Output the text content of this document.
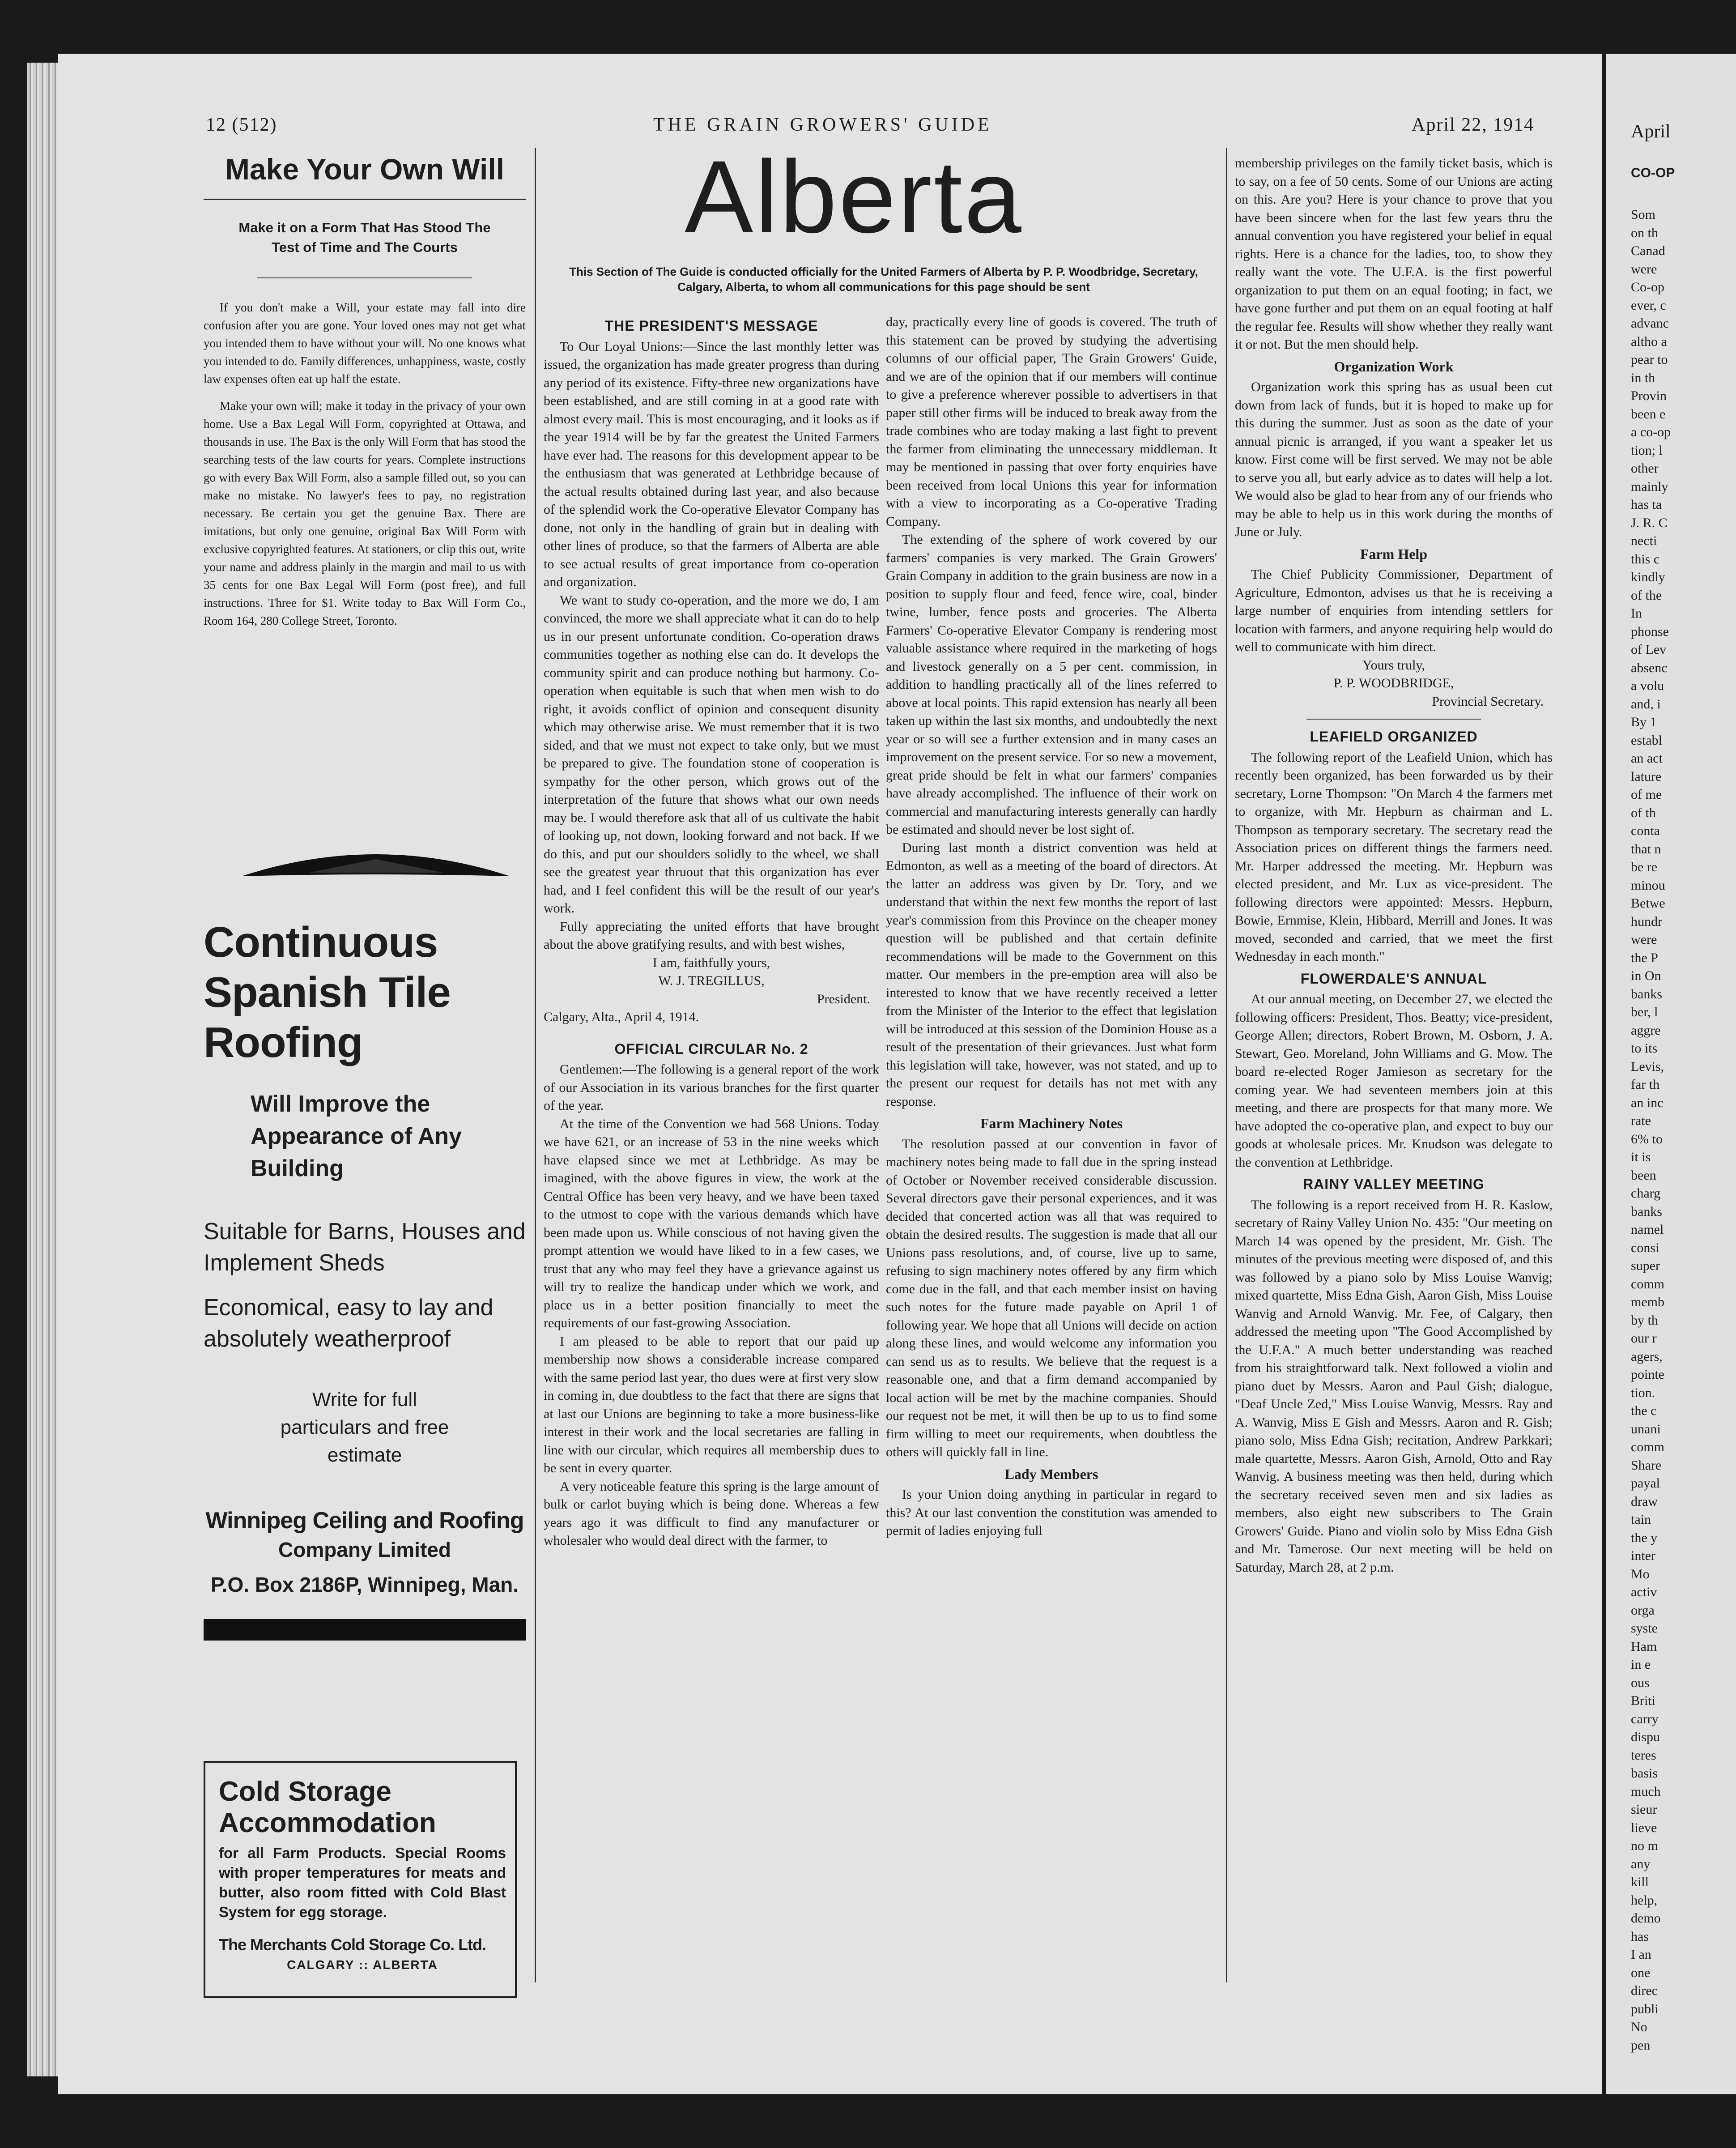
April
CO-OP
Som
on th
Canad
were
Co-op
ever, c
advanc
altho a
pear to
in th
Provin
been e
a co-op
tion; l
other
mainly
has ta
J. R. C
necti
this c
kindly
of the
In
phonse
of Lev
absenc
a volu
and, i
By 1
establ
an act
lature
of me
of th
conta
that n
be re
minou
Betwe
hundr
were
the P
in On
banks
ber, l
aggre
to its
Levis,
far th
an inc
rate
6% to
it is
been
charg
banks
namel
consi
super
comm
memb
by th
our r
agers,
pointe
tion.
the c
unani
comm
Share
payal
draw
tain
the y
inter
Mo
activ
orga
syste
Ham
in e
ous
Briti
carry
dispu
teres
basis
much
sieur
lieve
no m
any
kill
help,
demo
has
I an
one
direc
publi
No
pen
12 (512)	THE GRAIN GROWERS' GUIDE	April 22, 1914
Make Your Own Will
Make it on a Form That Has Stood The Test of Time and The Courts

If you don't make a Will, your estate may fall into dire confusion after you are gone. Your loved ones may not get what you intended them to have without your will. No one knows what you intended to do. Family differences, unhappiness, waste, costly law expenses often eat up half the estate.

Make your own will; make it today in the privacy of your own home. Use a Bax Legal Will Form, copyrighted at Ottawa, and thousands in use. The Bax is the only Will Form that has stood the searching tests of the law courts for years. Complete instructions go with every Bax Will Form, also a sample filled out, so you can make no mistake. No lawyer's fees to pay, no registration necessary. Be certain you get the genuine Bax. There are imitations, but only one genuine, original Bax Will Form with exclusive copyrighted features. At stationers, or clip this out, write your name and address plainly in the margin and mail to us with 35 cents for one Bax Legal Will Form (post free), and full instructions. Three for $1. Write today to Bax Will Form Co., Room 164, 280 College Street, Toronto.

Continuous Spanish Tile Roofing
Will Improve the Appearance of Any Building
Suitable for Barns, Houses and Implement Sheds
Economical, easy to lay and absolutely weatherproof
Write for full particulars and free estimate
Winnipeg Ceiling and Roofing
Company Limited
P.O. Box 2186P, Winnipeg, Man.
Cold Storage Accommodation
for all Farm Products. Special Rooms with proper temperatures for meats and butter, also room fitted with Cold Blast System for egg storage.
The Merchants Cold Storage Co. Ltd.
CALGARY :: ALBERTA
Alberta
This Section of The Guide is conducted officially for the United Farmers of Alberta by P. P. Woodbridge, Secretary, Calgary, Alberta, to whom all communications for this page should be sent
THE PRESIDENT'S MESSAGE

To Our Loyal Unions:—Since the last monthly letter was issued, the organization has made greater progress than during any period of its existence. Fifty-three new organizations have been established, and are still coming in at a good rate with almost every mail. This is most encouraging, and it looks as if the year 1914 will be by far the greatest the United Farmers have ever had. The reasons for this development appear to be the enthusiasm that was generated at Lethbridge because of the actual results obtained during last year, and also because of the splendid work the Co-operative Elevator Company has done, not only in the handling of grain but in dealing with other lines of produce, so that the farmers of Alberta are able to see actual results of great importance from co-operation and organization.

We want to study co-operation, and the more we do, I am convinced, the more we shall appreciate what it can do to help us in our present unfortunate condition. Co-operation draws communities together as nothing else can do. It develops the community spirit and can produce nothing but harmony. Co-operation when equitable is such that when men wish to do right, it avoids conflict of opinion and consequent disunity which may otherwise arise. We must remember that it is two sided, and that we must not expect to take only, but we must be prepared to give. The foundation stone of cooperation is sympathy for the other person, which grows out of the interpretation of the future that shows what our own needs may be. I would therefore ask that all of us cultivate the habit of looking up, not down, looking forward and not back. If we do this, and put our shoulders solidly to the wheel, we shall see the greatest year thruout that this organization has ever had, and I feel confident this will be the result of our year's work.

Fully appreciating the united efforts that have brought about the above gratifying results, and with best wishes,

I am, faithfully yours,
W. J. TREGILLUS,
President.
Calgary, Alta., April 4, 1914.
OFFICIAL CIRCULAR No. 2

Gentlemen:—The following is a general report of the work of our Association in its various branches for the first quarter of the year.

At the time of the Convention we had 568 Unions. Today we have 621, or an increase of 53 in the nine weeks which have elapsed since we met at Lethbridge. As may be imagined, with the above figures in view, the work at the Central Office has been very heavy, and we have been taxed to the utmost to cope with the various demands which have been made upon us. While conscious of not having given the prompt attention we would have liked to in a few cases, we trust that any who may feel they have a grievance against us will try to realize the handicap under which we work, and place us in a better position financially to meet the requirements of our fast-growing Association.

I am pleased to be able to report that our paid up membership now shows a considerable increase compared with the same period last year, tho dues were at first very slow in coming in, due doubtless to the fact that there are signs that at last our Unions are beginning to take a more business-like interest in their work and the local secretaries are falling in line with our circular, which requires all membership dues to be sent in every quarter.

A very noticeable feature this spring is the large amount of bulk or carlot buying which is being done. Whereas a few years ago it was difficult to find any manufacturer or wholesaler who would deal direct with the farmer, to

day, practically every line of goods is covered. The truth of this statement can be proved by studying the advertising columns of our official paper, The Grain Growers' Guide, and we are of the opinion that if our members will continue to give a preference wherever possible to advertisers in that paper still other firms will be induced to break away from the trade combines who are today making a last fight to prevent the farmer from eliminating the unnecessary middleman. It may be mentioned in passing that over forty enquiries have been received from local Unions this year for information with a view to incorporating as a Co-operative Trading Company.

The extending of the sphere of work covered by our farmers' companies is very marked. The Grain Growers' Grain Company in addition to the grain business are now in a position to supply flour and feed, fence wire, coal, binder twine, lumber, fence posts and groceries. The Alberta Farmers' Co-operative Elevator Company is rendering most valuable assistance where required in the marketing of hogs and livestock generally on a 5 per cent. commission, in addition to handling practically all of the lines referred to above at local points. This rapid extension has nearly all been taken up within the last six months, and undoubtedly the next year or so will see a further extension and in many cases an improvement on the present service. For so new a movement, great pride should be felt in what our farmers' companies have already accomplished. The influence of their work on commercial and manufacturing interests generally can hardly be estimated and should never be lost sight of.

During last month a district convention was held at Edmonton, as well as a meeting of the board of directors. At the latter an address was given by Dr. Tory, and we understand that within the next few months the report of last year's commission from this Province on the cheaper money question will be published and that certain definite recommendations will be made to the Government on this matter. Our members in the pre-emption area will also be interested to know that we have recently received a letter from the Minister of the Interior to the effect that legislation will be introduced at this session of the Dominion House as a result of the presentation of their grievances. Just what form this legislation will take, however, was not stated, and up to the present our request for details has not met with any response.

Farm Machinery Notes

The resolution passed at our convention in favor of machinery notes being made to fall due in the spring instead of October or November received considerable discussion. Several directors gave their personal experiences, and it was decided that concerted action was all that was required to obtain the desired results. The suggestion is made that all our Unions pass resolutions, and, of course, live up to same, refusing to sign machinery notes offered by any firm which come due in the fall, and that each member insist on having such notes for the future made payable on April 1 of following year. We hope that all Unions will decide on action along these lines, and would welcome any information you can send us as to results. We believe that the request is a reasonable one, and that a firm demand accompanied by local action will be met by the machine companies. Should our request not be met, it will then be up to us to find some firm willing to meet our requirements, when doubtless the others will quickly fall in line.

Lady Members

Is your Union doing anything in particular in regard to this? At our last convention the constitution was amended to permit of ladies enjoying full

membership privileges on the family ticket basis, which is to say, on a fee of 50 cents. Some of our Unions are acting on this. Are you? Here is your chance to prove that you have been sincere when for the last few years thru the annual convention you have registered your belief in equal rights. Here is a chance for the ladies, too, to show they really want the vote. The U.F.A. is the first powerful organization to put them on an equal footing; in fact, we have gone further and put them on an equal footing at half the regular fee. Results will show whether they really want it or not. But the men should help.

Organization Work

Organization work this spring has as usual been cut down from lack of funds, but it is hoped to make up for this during the summer. Just as soon as the date of your annual picnic is arranged, if you want a speaker let us know. First come will be first served. We may not be able to serve you all, but early advice as to dates will help a lot. We would also be glad to hear from any of our friends who may be able to help us in this work during the months of June or July.

Farm Help

The Chief Publicity Commissioner, Department of Agriculture, Edmonton, advises us that he is receiving a large number of enquiries from intending settlers for location with farmers, and anyone requiring help would do well to communicate with him direct.

Yours truly,
P. P. WOODBRIDGE,
Provincial Secretary.
LEAFIELD ORGANIZED

The following report of the Leafield Union, which has recently been organized, has been forwarded us by their secretary, Lorne Thompson: "On March 4 the farmers met to organize, with Mr. Hepburn as chairman and L. Thompson as temporary secretary. The secretary read the Association prices on different things the farmers need. Mr. Harper addressed the meeting. Mr. Hepburn was elected president, and Mr. Lux as vice-president. The following directors were appointed: Messrs. Hepburn, Bowie, Ernmise, Klein, Hibbard, Merrill and Jones. It was moved, seconded and carried, that we meet the first Wednesday in each month."

FLOWERDALE'S ANNUAL

At our annual meeting, on December 27, we elected the following officers: President, Thos. Beatty; vice-president, George Allen; directors, Robert Brown, M. Osborn, J. A. Stewart, Geo. Moreland, John Williams and G. Mow. The board re-elected Roger Jamieson as secretary for the coming year. We had seventeen members join at this meeting, and there are prospects for that many more. We have adopted the co-operative plan, and expect to buy our goods at wholesale prices. Mr. Knudson was delegate to the convention at Lethbridge.

RAINY VALLEY MEETING

The following is a report received from H. R. Kaslow, secretary of Rainy Valley Union No. 435: "Our meeting on March 14 was opened by the president, Mr. Gish. The minutes of the previous meeting were disposed of, and this was followed by a piano solo by Miss Louise Wanvig; mixed quartette, Miss Edna Gish, Aaron Gish, Miss Louise Wanvig and Arnold Wanvig. Mr. Fee, of Calgary, then addressed the meeting upon "The Good Accomplished by the U.F.A." A much better understanding was reached from his straightforward talk. Next followed a violin and piano duet by Messrs. Aaron and Paul Gish; dialogue, "Deaf Uncle Zed," Miss Louise Wanvig, Messrs. Ray and A. Wanvig, Miss E Gish and Messrs. Aaron and R. Gish; piano solo, Miss Edna Gish; recitation, Andrew Parkkari; male quartette, Messrs. Aaron Gish, Arnold, Otto and Ray Wanvig. A business meeting was then held, during which the secretary received seven men and six ladies as members, also eight new subscribers to The Grain Growers' Guide. Piano and violin solo by Miss Edna Gish and Mr. Tamerose. Our next meeting will be held on Saturday, March 28, at 2 p.m.
